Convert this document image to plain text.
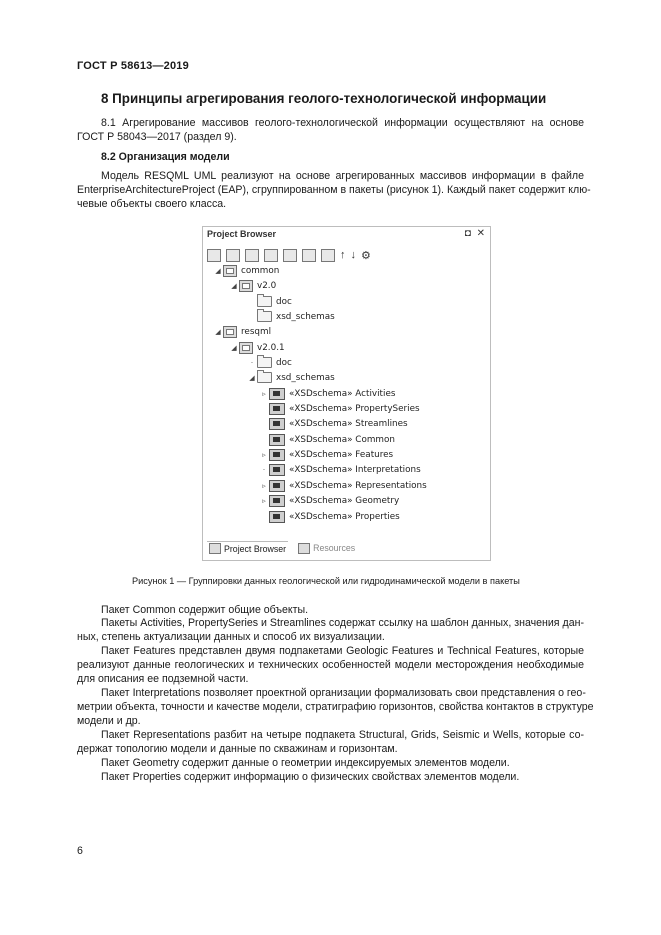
ГОСТ Р 58613—2019
8 Принципы агрегирования геолого-технологической информации
8.1 Агрегирование массивов геолого-технологической информации осуществляют на основе
ГОСТ Р 58043—2017 (раздел 9).
8.2 Организация модели
Модель RESQML UML реализуют на основе агрегированных массивов информации в файле
EnterpriseArchitectureProject (EAP), сгруппированном в пакеты (рисунок 1). Каждый пакет содержит клю-
чевые объекты своего класса.
Project Browser	◘ ✕
↑ ↓ ⚙
◢ common
◢ v2.0
doc
xsd_schemas
◢ resqml
◢ v2.0.1
·	doc
◢ xsd_schemas
▹	«XSDschema» Activities
«XSDschema» PropertySeries
«XSDschema» Streamlines
«XSDschema» Common
▹	«XSDschema» Features
·	«XSDschema» Interpretations
▹	«XSDschema» Representations
▹	«XSDschema» Geometry
«XSDschema» Properties
Project Browser	Resources
Рисунок 1 — Группировки данных геологической или гидродинамической модели в пакеты
Пакет Common содержит общие объекты.
Пакеты Activities, PropertySeries и Streamlines содержат ссылку на шаблон данных, значения дан-
ных, степень актуализации данных и способ их визуализации.
Пакет Features представлен двумя подпакетами Geologic Features и Technical Features, которые
реализуют данные геологических и технических особенностей модели месторождения необходимые
для описания ее подземной части.
Пакет Interpretations позволяет проектной организации формализовать свои представления о гео-
метрии объекта, точности и качестве модели, стратиграфию горизонтов, свойства контактов в структуре
модели и др.
Пакет Representations разбит на четыре подпакета Structural, Grids, Seismic и Wells, которые со-
держат топологию модели и данные по скважинам и горизонтам.
Пакет Geometry содержит данные о геометрии индексируемых элементов модели.
Пакет Properties содержит информацию о физических свойствах элементов модели.
6
